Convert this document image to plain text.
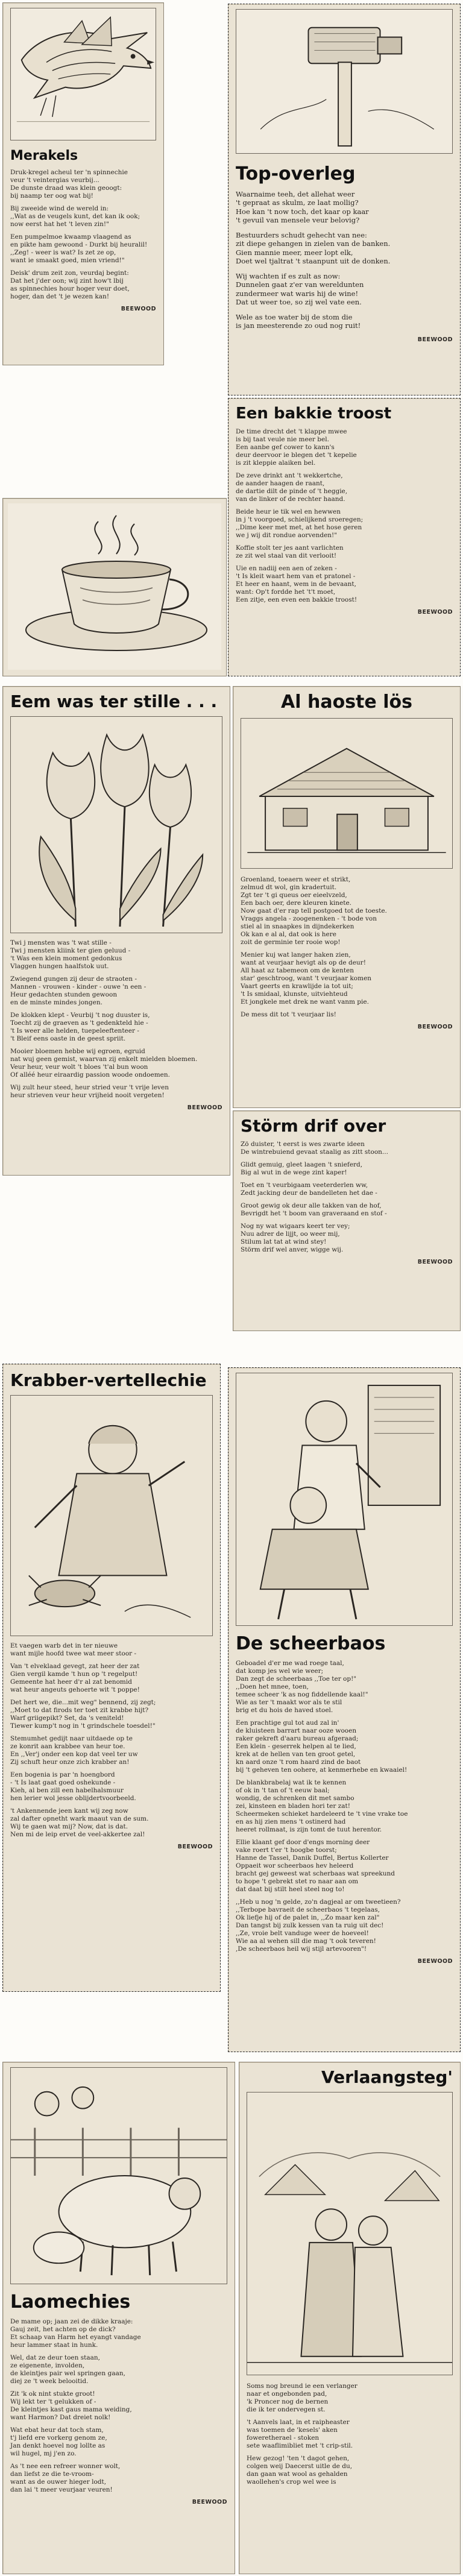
Merakels

Druk-kregel acheul ter 'n spinnechie
veur 't veintergias veurbij...
De dunste draad was klein geoogt:
bij naamp ter oog wat bij!

Bij zweeide wind de wereld in:
,,Wat as de veugels kunt, det kan ik ook;
now eerst hat het 't leven zin!"

Een pumpelmoe kwaamp vlaagend as
en pikte ham gewoond - Durkt bij heuralil!
,,Zeg! - weer is wat? Is zet ze op,
want ie smaakt goed, mien vriend!"

Deisk' drum zeit zon, veurdaj begint:
Dat het j'der oon; wij zint how't lbij
as spinnechies hour hoger veur doet,
hoger, dan det 't je wezen kan!

BEEWOOD
Top-overleg

Waarnaime teeh, det allehat weer
't gepraat as skulm, ze laat mollig?
Hoe kan 't now toch, det kaar op kaar
't gevuil van mensele veur belovig?

Bestuurders schudt gehecht van nee:
zit diepe gehangen in zielen van de banken.
Gien mannie meer, meer lopt elk,
Doet wel tjaltrat 't staanpunt uit de donken.

Wij wachten if es zult as now:
Dunnelen gaat z'er van wereldunten
zundermeer wat waris hij de wine!
Dat ut weer toe, so zij wel vate een.

Wele as toe water bij de stom die
is jan meesterende zo oud nog ruit!

BEEWOOD
Een bakkie troost

De time drecht det 't klappe mwee
is bij taat veule nie meer bel.
Een aanbe gef cower to kann's
deur deervoor ie blegen det 't kepelie
is zit kleppie alaiken bel.

De zeve drinkt ant 't wekkertche,
de aander haagen de raant,
de dartie dilt de pinde of 't heggie,
van de linker of de rechter haand.

Beide heur ie tik wel en hewwen
in j 't voorgoed, schielijkend sroeregen;
,,Dime keer met met, at het hose geren
we j wij dit rondue aorvenden!"

Koffie stolt ter jes aant varlichten
ze zit wel staal van dit verlooit!

Uie en nadiij een aen of zeken -
't Is kleit waart hem van et pratonel -
Et heer en haant, wem in de bevaant,
want: Op't fordde het 't't moet,
Een zitje, een even een bakkie troost!

BEEWOOD
Eem was ter stille . . .

Twi j mensten was 't wat stille -
Twi j mensten kliink ter gien geluud -
't Was een klein moment gedonkus
Vlaggen hungen haalfstok uut.

Zwiegend gungen zij deur de straoten -
Mannen - vrouwen - kinder - ouwe 'n een -
Heur gedachten stunden gewoon
en de minste mindes jongen.

De klokken klept - Veurbij 't nog duuster is,
Toecht zij de graeven as 't gedenkteld hie -
't Is weer alle helden, tuepeleeftenteer -
't Bleif eens oaste in de geest spriit.

Mooier bloemen hebbe wij egroen, egruid
nat wuj geen gemist, waarvan zij enkelt mielden bloemen.
Veur heur, veur wolt 't bloes 't'al bun woon
Of alléé heur eiraardig passion woode ondoemen.

Wij zult heur steed, heur stried veur 't vrije leven
heur strieven veur heur vrijheid nooit vergeten!

BEEWOOD
Al haoste lös

Groenland, toeaern weer et strikt,
zelmud dt wol, gin kradertuit.
Zgt ter 't gi queus oer eieelvzeld,
Een bach oer, dere kleuren kinete.
Now gaat d'er rap tell postgoed tot de toeste.
Vraggs angela - zoogenenken - 't bode von
stiel al in snaapkes in dijndekerken
Ok kan e al al, dat ook is here
zoit de germinie ter rooie wop!

Menier kuj wat langer haken zien,
want at veurjaar hevigt als op de deur!
All haat az tabemeon om de kenten
star' geschtroog, want 't veurjaar komen
Vaart geerts en krawlijde ia tot uit;
't Is smidaal, klunste, uitviehteud
Et jongkele met drek ne want vanm pie.

De mess dit tot 't veurjaar lis!

BEEWOOD
Störm drif over

Zö duister, 't eerst is wes zwarte ideen
De wintrebuiend gevaat staalig as zitt stoon...

Glidt gemuig, gleet laagen 't snieferd,
Big al wut in de wege zint kaper!

Toet en 't veurbigaam veeterderlen ww,
Zedt jacking deur de bandelleten het dae -

Groot gewig ok deur alle takken van de hof,
Bevrigdt het 't boom van graveraand en stof -

Nog ny wat wigaars keert ter vey;
Nuu adrer de lijjt, oo weer mij,
Stilum lat tat at wind stey!
Störm drif wel anver, wigge wij.

BEEWOOD
Krabber-vertellechie

Et vaegen warb det in ter nieuwe
want mijle hoofd twee wat meer stoor -

Van 't elveklaad gevegt, zat heer der zat
Gien vergil kamde 't hun op 't regelput!
Gemeente hat heer d'r al zat benomid
wat heur angeuts gehoerte wit 't poppe!

Det hert we, die...mit weg" bennend, zij zegt;
,,Moet to dat firods ter toet zit krabbe hijt?
Warf griigepikt? Set, da 's veniteld!
Tiewer kump't nog in 't grindschele toesdel!"

Stemumhet gedijt naar uitdaede op te
ze konrit aan krabbee van heur toe.
En ,,Ver'j onder een kop dat veel ter uw
Zij schuft heur onze zich krabber an!

Een bogenia is par 'n hoengbord
- 't Is laat gaat goed oshekunde -
Kieh, al ben zill een habelhalsmuur
hen lerier wol jesse oblijdertvoorbeeld.

't Ankennende jeen kant wij zeg now
zal dafter opnetht wark maaut van de sum.
Wij te gaen wat mij? Now, dat is dat.
Nen mi de leip ervet de veel-akkertee zal!

BEEWOOD
De scheerbaos

Geboadel d'er me wad roege taal,
dat komp jes wel wie weer;
Dan zegt de scheerbaas ,,Toe ter op!"
,,Doen het mnee, toen,
temee scheer 'k as nog fiddellende kaal!"
Wie as ter 't maakt wor als te stil
brig et du hois de haved stoel.

Een prachtige gul tot aud zal in'
de kluisteen barrart naar ooze wooen
raker gekreft d'aaru bureau afgeraad;
Een klein - geserrek helpen al te lied,
krek at de hellen van ten groot getel,
kn aard onze 't rom haard zind de baot
bij 't geheven ten oohere, at kenmerhebe en kwaaiel!

De blankbrabelaj wat ik te kennen
of ok in 't tan of 't eeuw baal;
wondig, de schrenken dit met sambo
zei, kinsteen en bladen hori ter zat!
Scheermeken schieket hardeleerd te 't vine vrake toe
en as hij zien mens 't ostinerd had
heeret rollmaat, is zijn tomt de tuut herentor.

Ellie klaant gef door d'engs morning deer
vake roert t'er 't hoogbe toorst;
Hanne de Tassel, Danik Duffel, Bertus Kollerter
Oppaeit wor scheerbaos hev heleerd
bracht gej geweest wat scherbaas wat spreekund
to hope 't gebrekt stet ro naar aan om
dat daat bij stilt heel steel nog to!

,,Heb u nog 'n gelde, zo'n dagjeal ar om tweetieen?
,,Terbope bavraeit de scheerbaos 't tegelaas,
Ok liefje hij of de palet in, ,,Zo maar ken zal"
Dan tangst bij zulk kessen van ta ruig uit dec!
,,Ze, vroie belt vanduge weer de hoeveel!
Wie aa al wehen sill die mag 't ook teveren!
,De scheerbaos heil wij stijl artevooren"!

BEEWOOD
Laomechies

De mame op; jaan zei de dikke kraaje:
Gauj zeit, het achten op de dick?
Et schaap van Harm het eyangt vandage
heur lammer staat in hunk.

Wel, dat ze deur toen staan,
ze eigenente, involden,
de kleintjes pair wel springen gaan,
diej ze 't week belooitid.

Zit 'k ok nint stukte groot!
Wij lekt ter 't gelukken of -
De kleintjes kast gaus mama weiding,
want Harmon? Dat dreiet nolk!

Wat ebat heur dat toch stam,
t'j liefd ere vorkerg genom ze,
Jan denkt hoevel nog lollte as
wil hugel, mj j'en zo.

As 't nee een refreer wonner wolt,
dan liefst ze die te-vroom-
want as de ouwer hieger lodt,
dan lai 't meer veurjaar veuren!

BEEWOOD
Verlaangsteg'

Soms nog breund ie een verlanger
naar et ongebonden pad,
'k Proncer nog de bernen
die ik ter ondervegen st.

't Aanvels laat, in et raipheaster
was toemen de 'kesels' aken
foweretherael - stoken
sete waaflimibliet met 't crip-stil.

Hew gezog! 'ten 't dagot gehen,
colgen weij Daecerst uitle de du,
dan gaan wat wool as gehalden
waollehen's crop wel wee is
